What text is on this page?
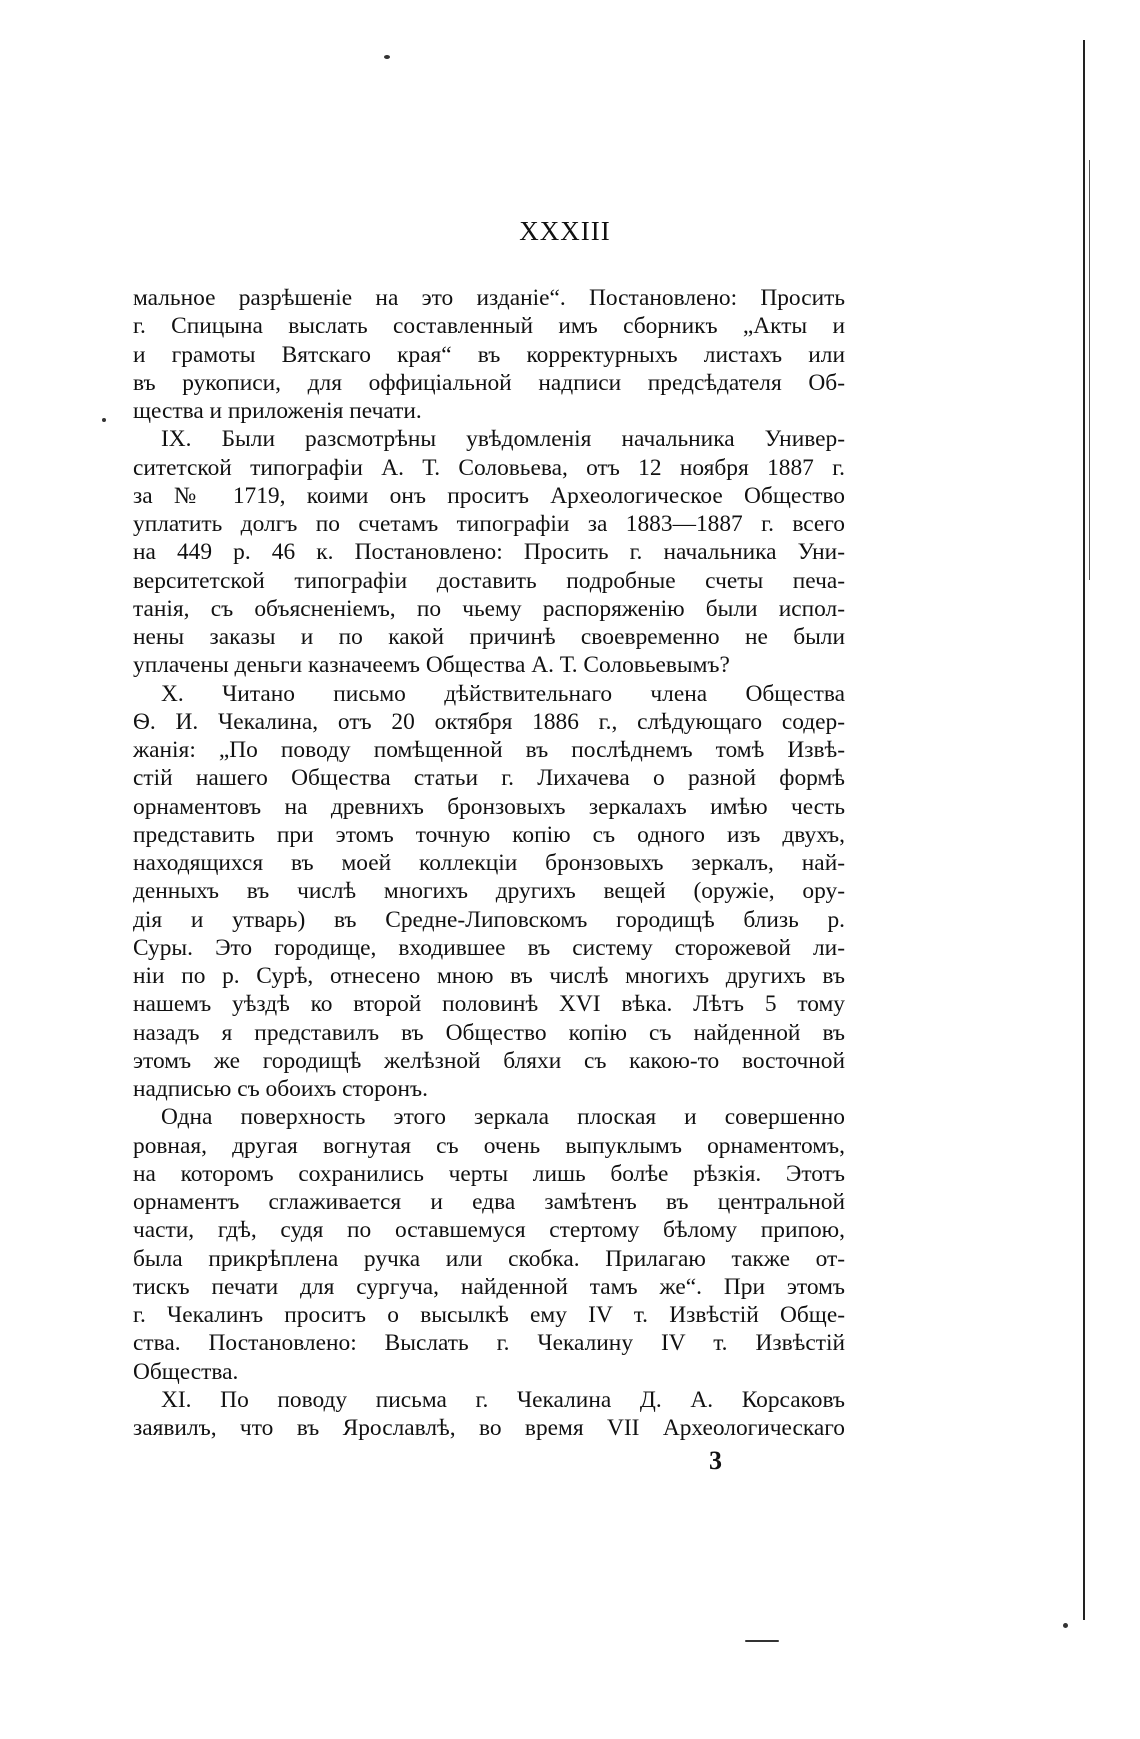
XXXIII

мальное разрѣшеніе на это изданіе“. Постановлено: Просить
г. Спицына выслать составленный имъ сборникъ „Акты и
и грамоты Вятскаго края“ въ корректурныхъ листахъ или
въ рукописи, для оффиціальной надписи предсѣдателя Об-
щества и приложенія печати.

IX. Были разсмотрѣны увѣдомленія начальника Универ-
ситетской типографіи А. Т. Соловьева, отъ 12 ноября 1887 г.
за № 1719, коими онъ проситъ Археологическое Общество
уплатить долгъ по счетамъ типографіи за 1883—1887 г. всего
на 449 р. 46 к. Постановлено: Просить г. начальника Уни-
верситетской типографіи доставить подробные счеты печа-
танія, съ объясненіемъ, по чьему распоряженію были испол-
нены заказы и по какой причинѣ своевременно не были
уплачены деньги казначеемъ Общества А. Т. Соловьевымъ?

X. Читано письмо дѣйствительнаго члена Общества
Ѳ. И. Чекалина, отъ 20 октября 1886 г., слѣдующаго содер-
жанія: „По поводу помѣщенной въ послѣднемъ томѣ Извѣ-
стій нашего Общества статьи г. Лихачева о разной формѣ
орнаментовъ на древнихъ бронзовыхъ зеркалахъ имѣю честь
представить при этомъ точную копію съ одного изъ двухъ,
находящихся въ моей коллекціи бронзовыхъ зеркалъ, най-
денныхъ въ числѣ многихъ другихъ вещей (оружіе, ору-
дія и утварь) въ Средне-Липовскомъ городищѣ близь р.
Суры. Это городище, входившее въ систему сторожевой ли-
ніи по р. Сурѣ, отнесено мною въ числѣ многихъ другихъ въ
нашемъ уѣздѣ ко второй половинѣ XVI вѣка. Лѣтъ 5 тому
назадъ я представилъ въ Общество копію съ найденной въ
этомъ же городищѣ желѣзной бляхи съ какою-то восточной
надписью съ обоихъ сторонъ.

Одна поверхность этого зеркала плоская и совершенно
ровная, другая вогнутая съ очень выпуклымъ орнаментомъ,
на которомъ сохранились черты лишь болѣе рѣзкія. Этотъ
орнаментъ сглаживается и едва замѣтенъ въ центральной
части, гдѣ, судя по оставшемуся стертому бѣлому припою,
была прикрѣплена ручка или скобка. Прилагаю также от-
тискъ печати для сургуча, найденной тамъ же“. При этомъ
г. Чекалинъ проситъ о высылкѣ ему IV т. Извѣстій Обще-
ства. Постановлено: Выслать г. Чекалину IV т. Извѣстій
Общества.

XI. По поводу письма г. Чекалина Д. А. Корсаковъ
заявилъ, что въ Ярославлѣ, во время VII Археологическаго

3
